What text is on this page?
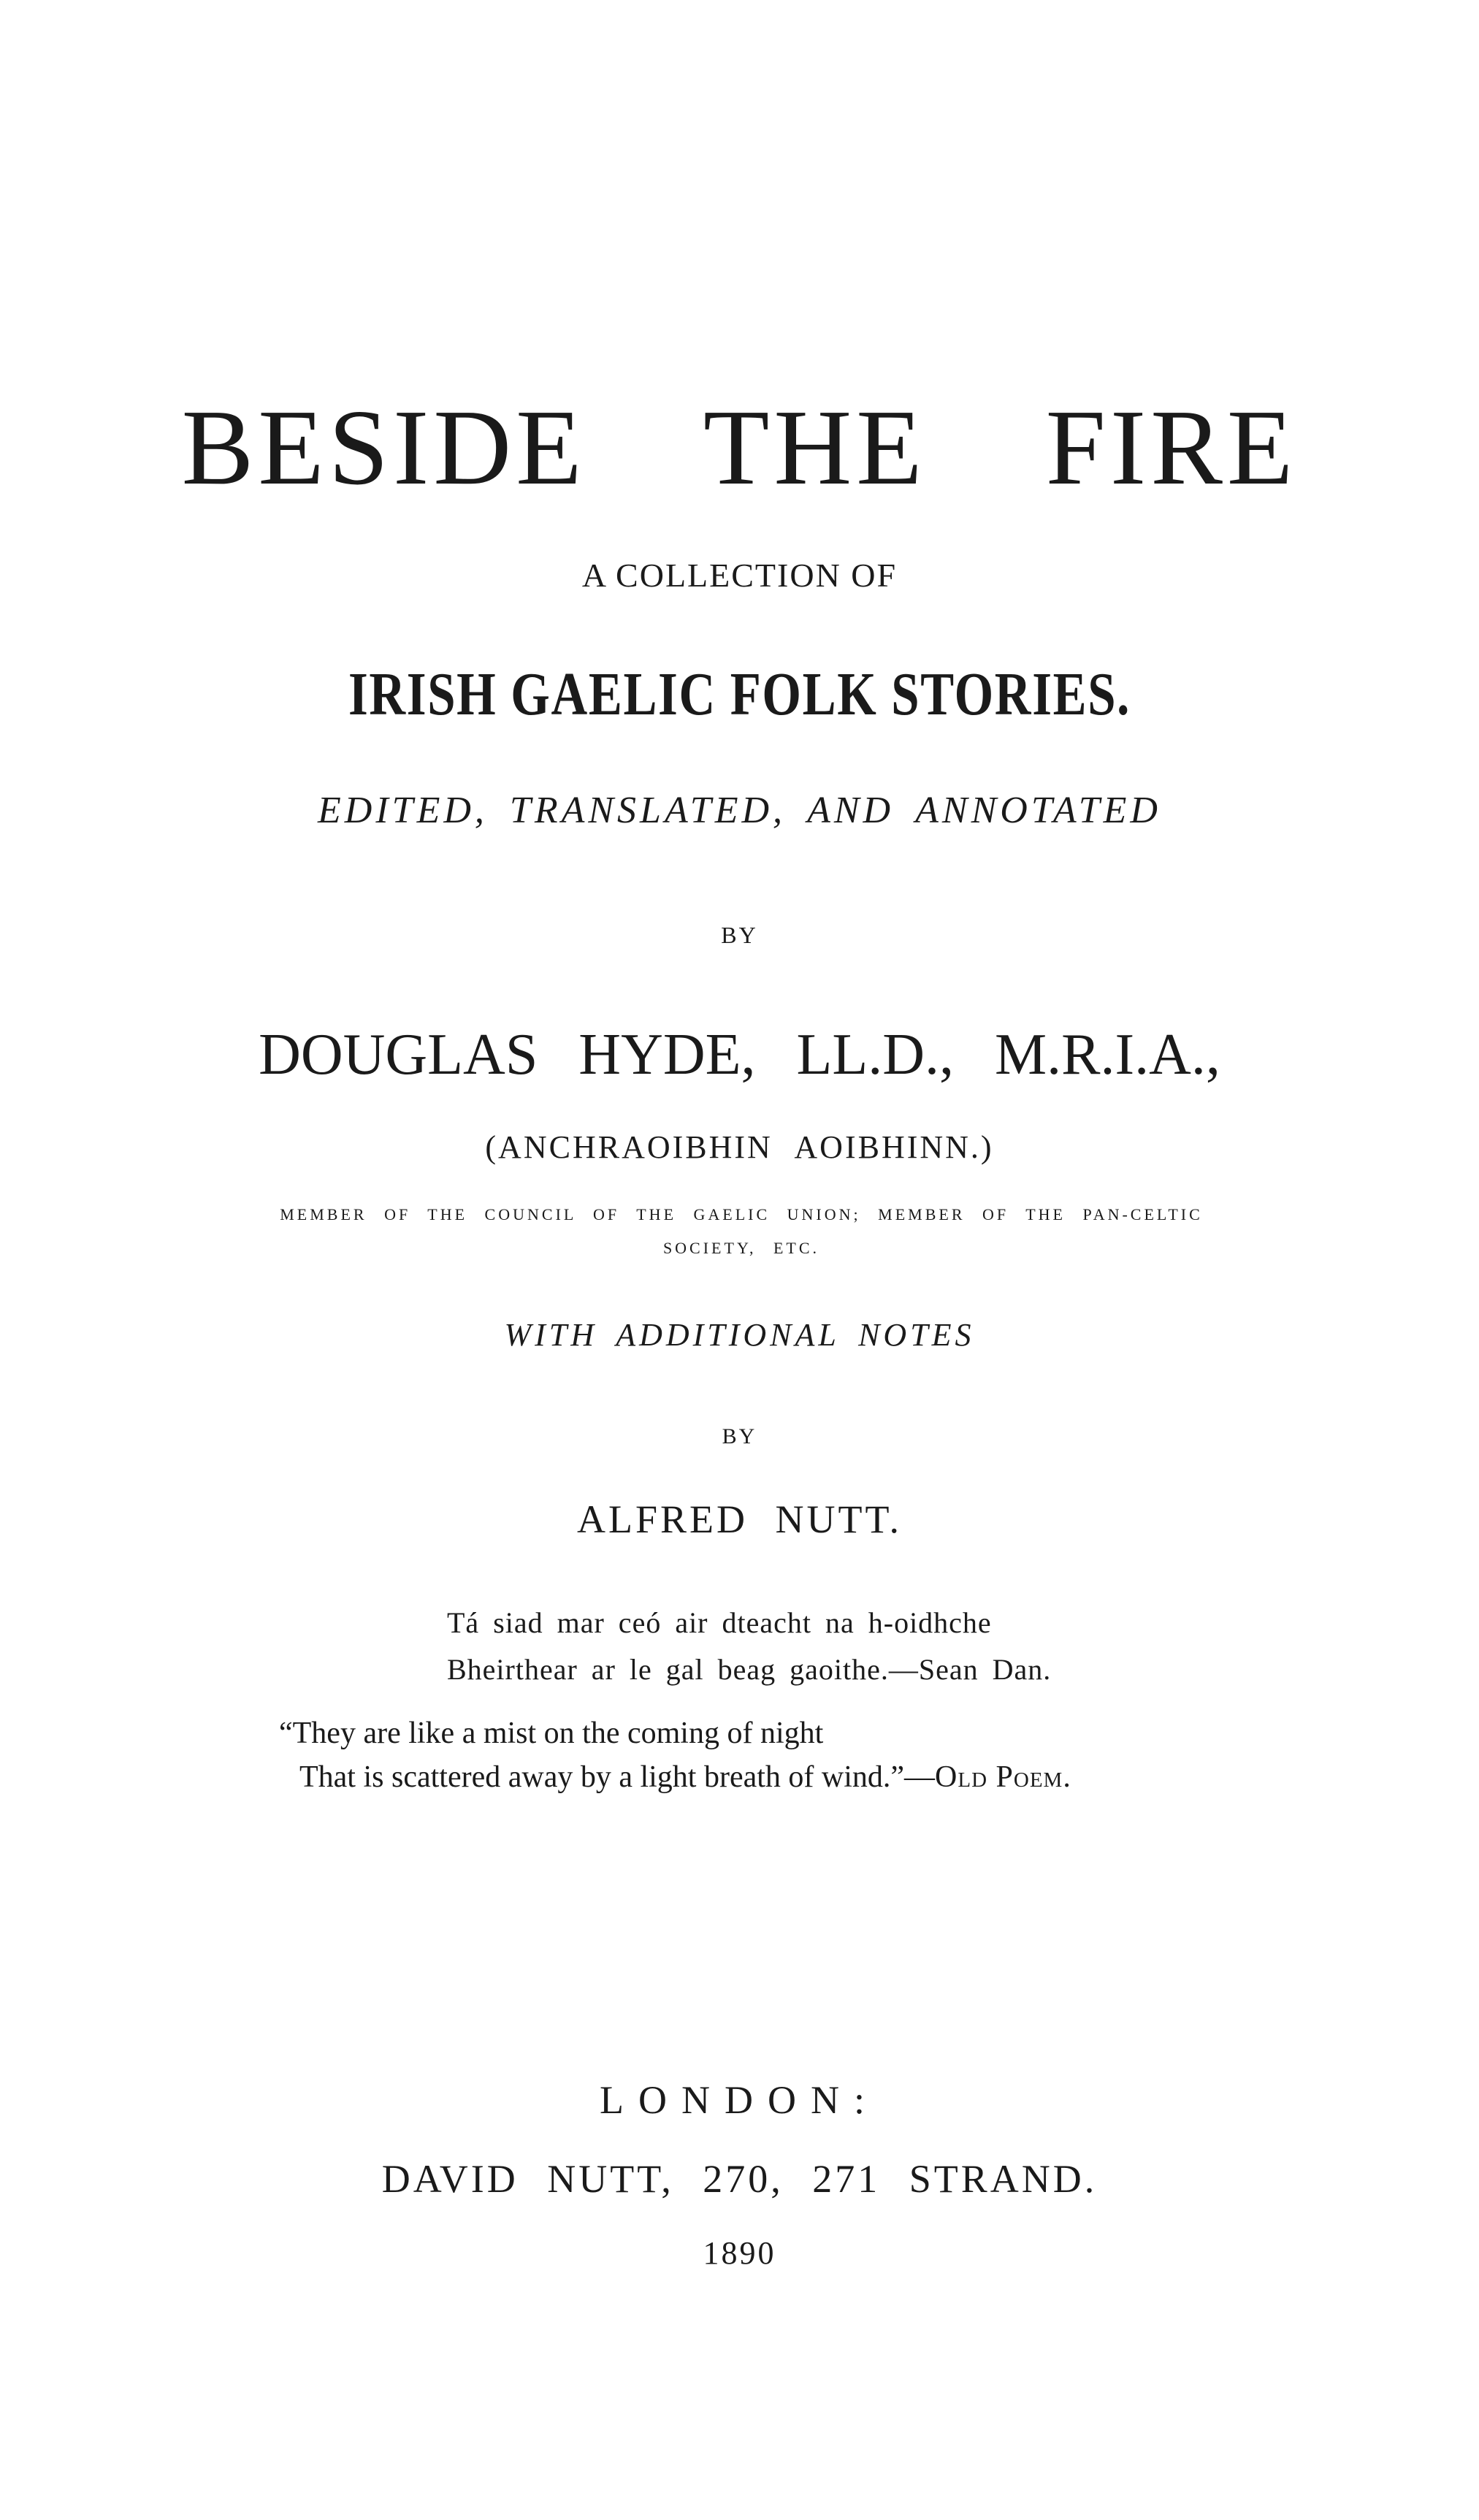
BESIDE THE FIRE

A COLLECTION OF

IRISH GAELIC FOLK STORIES.

EDITED, TRANSLATED, AND ANNOTATED

BY

DOUGLAS HYDE, LL.D., M.R.I.A.,

(ANCHRAOIBHIN AOIBHINN.)

MEMBER OF THE COUNCIL OF THE GAELIC UNION; MEMBER OF THE PAN-CELTIC SOCIETY, ETC.

WITH ADDITIONAL NOTES

BY

ALFRED NUTT.

Tá siad mar ceó air dteacht na h-oidhche

Bheirthear ar le gal beag gaoithe.—Sean Dan.

“They are like a mist on the coming of night

That is scattered away by a light breath of wind.”—Old Poem.

LONDON:

DAVID NUTT, 270, 271 STRAND.

1890
